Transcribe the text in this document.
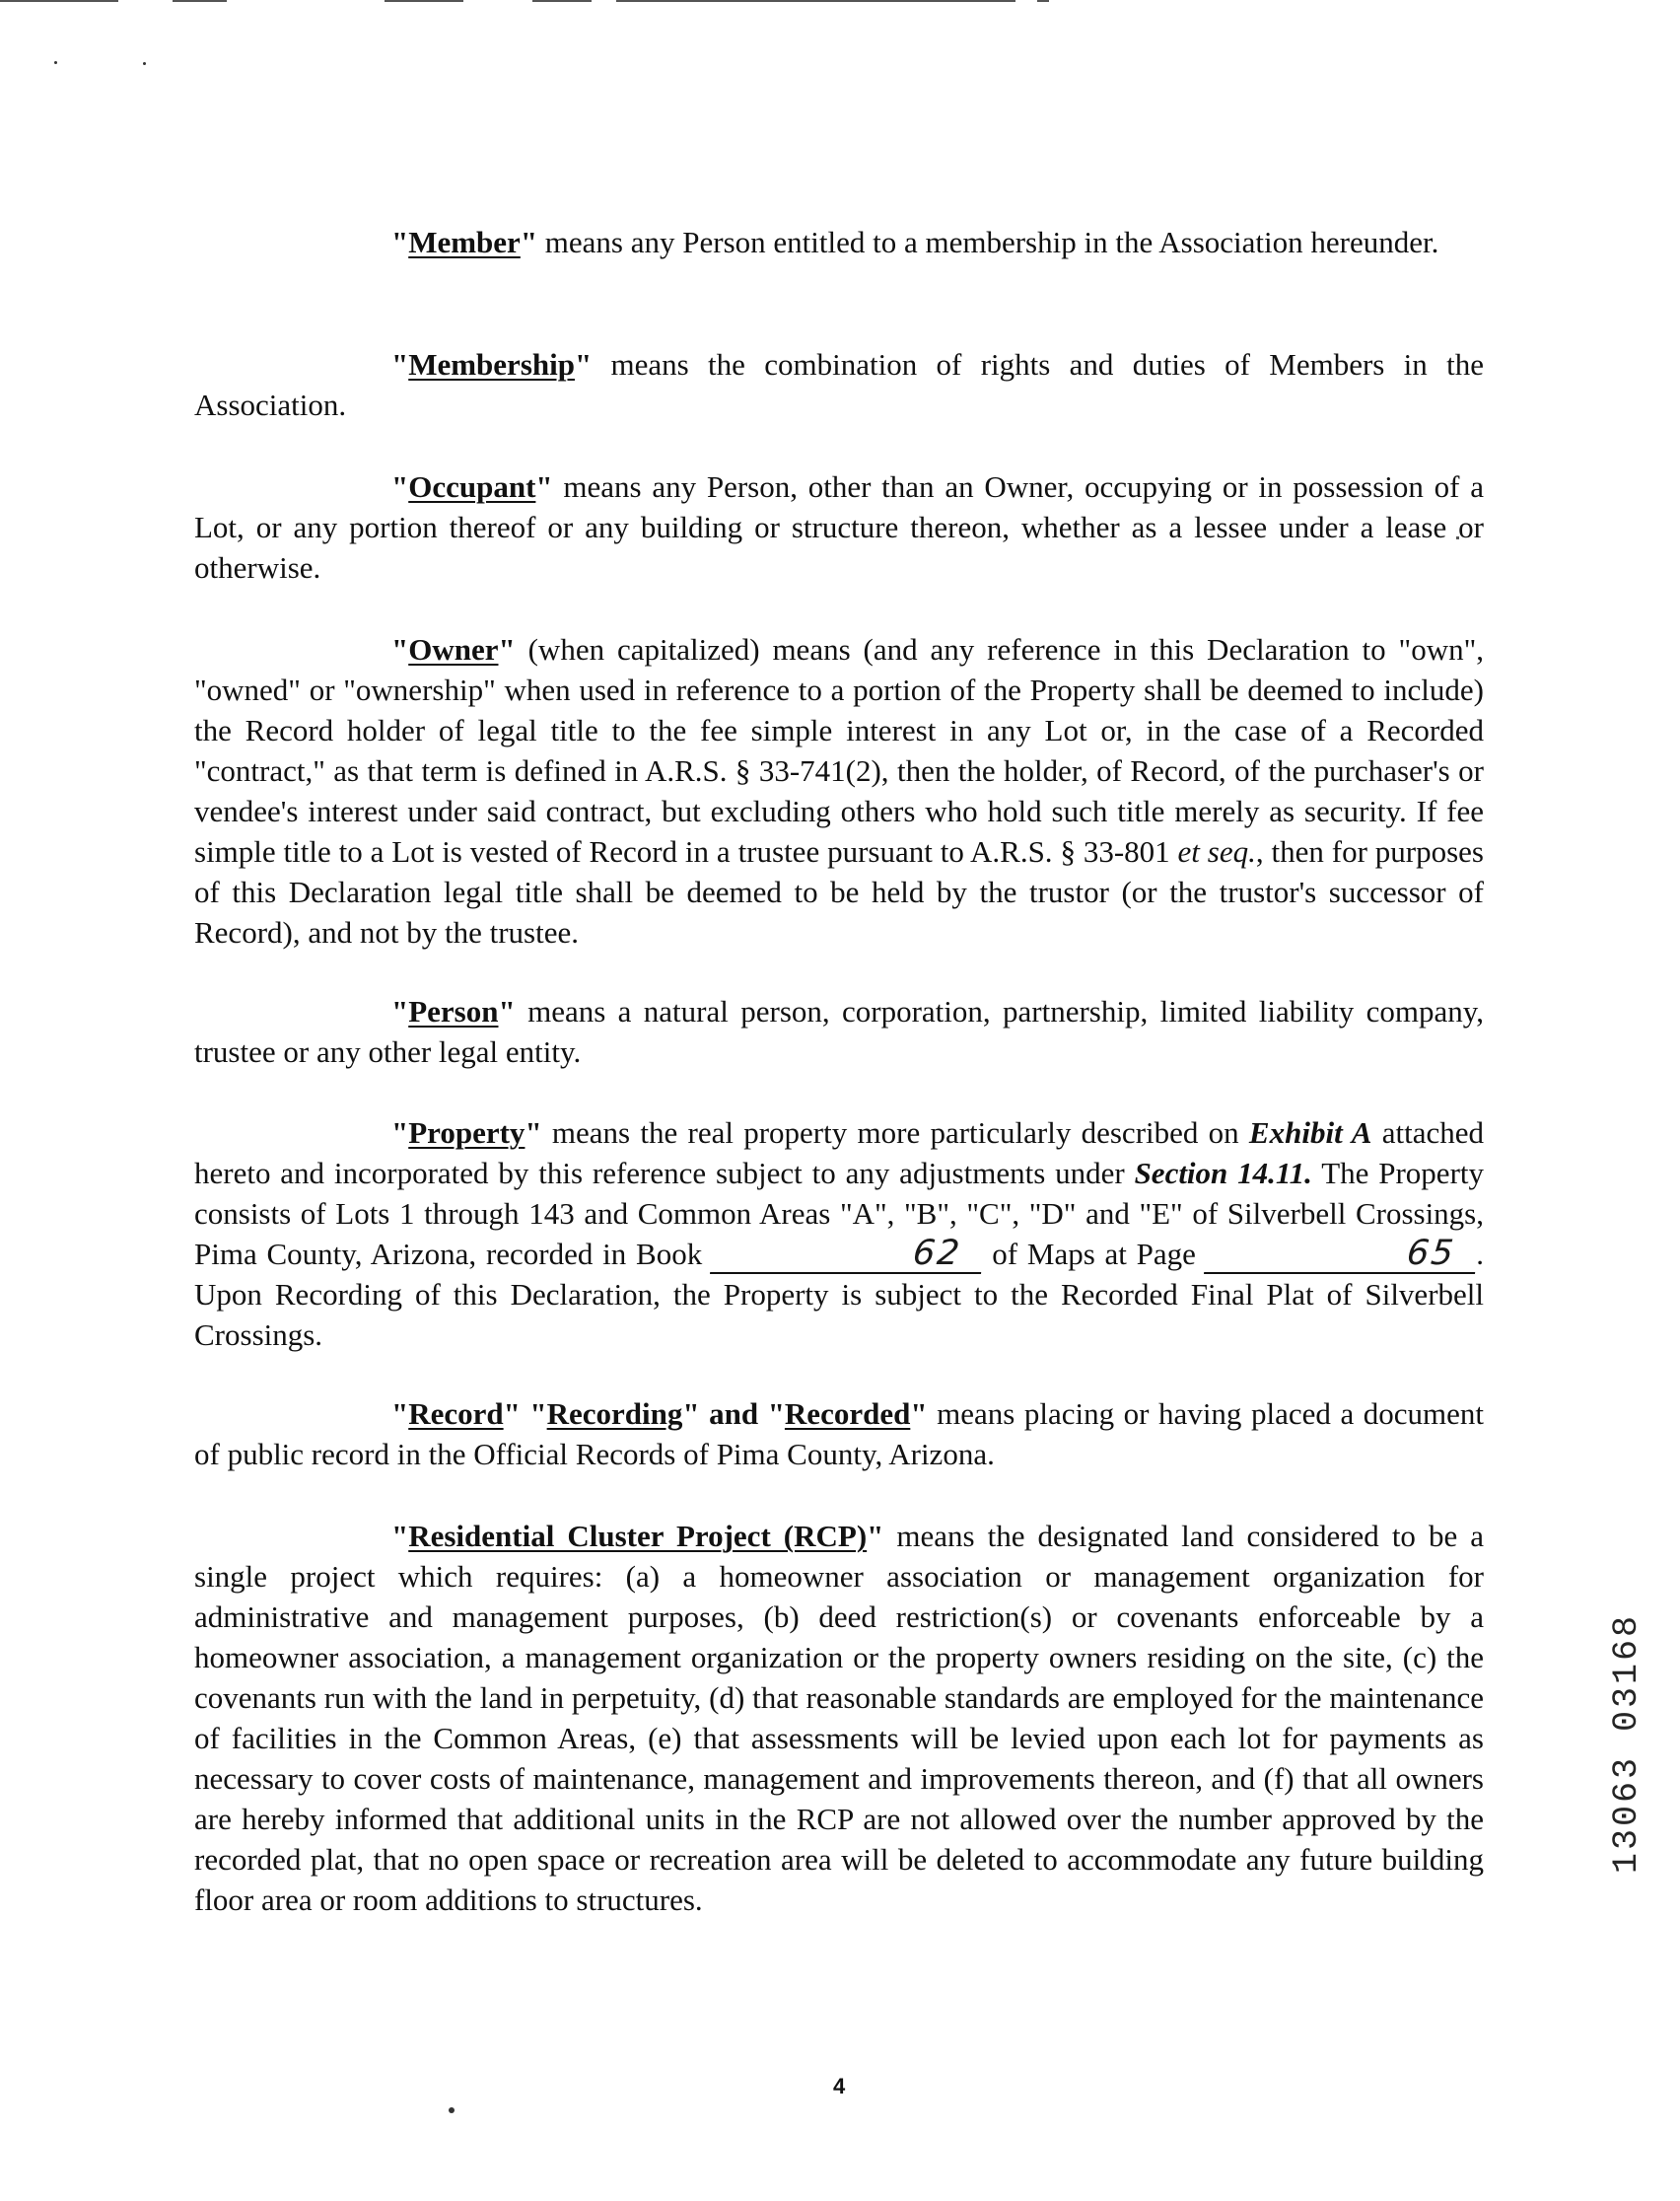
"Member" means any Person entitled to a membership in the Association hereunder.

"Membership" means the combination of rights and duties of Members in the Association.

"Occupant" means any Person, other than an Owner, occupying or in possession of a Lot, or any portion thereof or any building or structure thereon, whether as a lessee under a lease or otherwise.

"Owner" (when capitalized) means (and any reference in this Declaration to "own", "owned" or "ownership" when used in reference to a portion of the Property shall be deemed to include) the Record holder of legal title to the fee simple interest in any Lot or, in the case of a Recorded "contract," as that term is defined in A.R.S. § 33-741(2), then the holder, of Record, of the purchaser's or vendee's interest under said contract, but excluding others who hold such title merely as security. If fee simple title to a Lot is vested of Record in a trustee pursuant to A.R.S. § 33-801 et seq., then for purposes of this Declaration legal title shall be deemed to be held by the trustor (or the trustor's successor of Record), and not by the trustee.

"Person" means a natural person, corporation, partnership, limited liability company, trustee or any other legal entity.

"Property" means the real property more particularly described on Exhibit A attached hereto and incorporated by this reference subject to any adjustments under Section 14.11. The Property consists of Lots 1 through 143 and Common Areas "A", "B", "C", "D" and "E" of Silverbell Crossings, Pima County, Arizona, recorded in Book	62 of Maps at Page	65 . Upon Recording of this Declaration, the Property is subject to the Recorded Final Plat of Silverbell Crossings.

"Record" "Recording" and "Recorded" means placing or having placed a document of public record in the Official Records of Pima County, Arizona.

"Residential Cluster Project (RCP)" means the designated land considered to be a single project which requires: (a) a homeowner association or management organization for administrative and management purposes, (b) deed restriction(s) or covenants enforceable by a homeowner association, a management organization or the property owners residing on the site, (c) the covenants run with the land in perpetuity, (d) that reasonable standards are employed for the maintenance of facilities in the Common Areas, (e) that assessments will be levied upon each lot for payments as necessary to cover costs of maintenance, management and improvements thereon, and (f) that all owners are hereby informed that additional units in the RCP are not allowed over the number approved by the recorded plat, that no open space or recreation area will be deleted to accommodate any future building floor area or room additions to structures.

13063 03168
4
